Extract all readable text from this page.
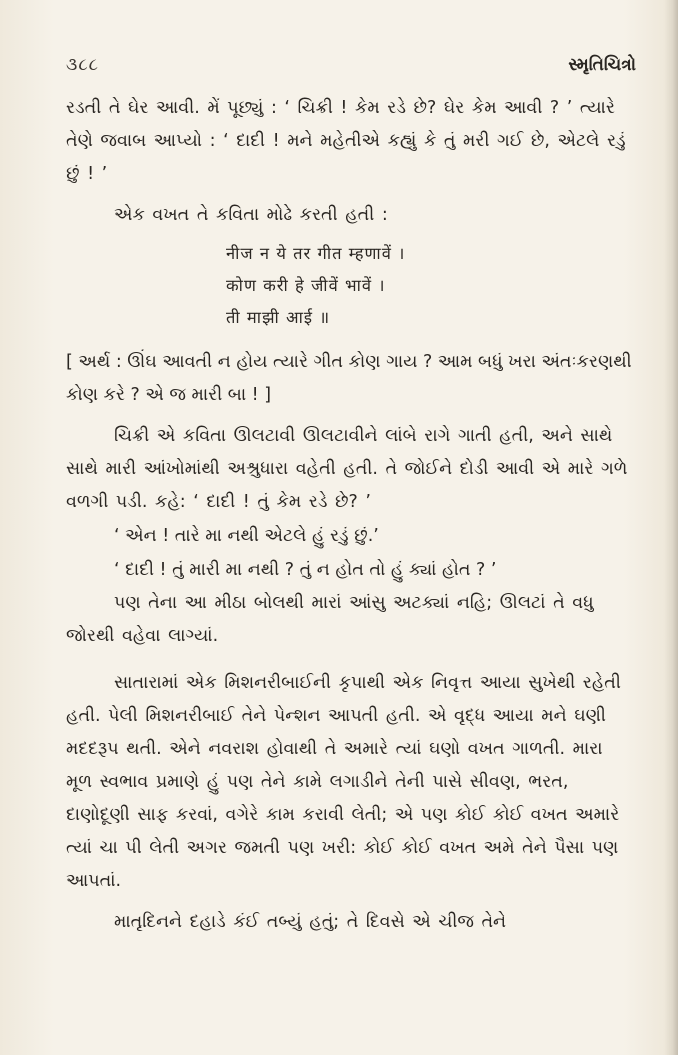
૩૮૮	સ્મૃતિચિત્રો

રડતી તે ઘેર આવી. મેં પૂછ્યું : ‘ ચિક્રી ! કેમ રડે છે? ઘેર કેમ આવી ? ’ ત્યારે તેણે જવાબ આપ્યો : ‘ દાદી ! મને મહેતીએ કહ્યું કે તું મરી ગઈ છે, એટલે રડું છું ! ’

એક વખત તે કવિતા મોઢે કરતી હતી :

नीज न ये तर गीत म्हणावें ।
कोण करी हे जीवें भावें ।
ती माझी आई ॥

[ અર્થ : ઊંઘ આવતી ન હોય ત્યારે ગીત કોણ ગાય ? આમ બધું ખરા અંતઃકરણથી કોણ કરે ? એ જ મારી બા ! ]

ચિક્રી એ કવિતા ઊલટાવી ઊલટાવીને લાંબે રાગે ગાતી હતી, અને સાથે સાથે મારી આંખોમાંથી અશ્રુધારા વહેતી હતી. તે જોઈને દોડી આવી એ મારે ગળે વળગી પડી. કહે: ‘ દાદી ! તું કેમ રડે છે? ’

‘ એન ! તારે મા નથી એટલે હું રડું છું.’

‘ દાદી ! તું મારી મા નથી ? તું ન હોત તો હું ક્યાં હોત ? ’

પણ તેના આ મીઠા બોલથી મારાં આંસુ અટક્યાં નહિ; ઊલટાં તે વધુ જોરથી વહેવા લાગ્યાં.

સાતારામાં એક મિશનરીબાઈની કૃપાથી એક નિવૃત્ત આયા સુખેથી રહેતી હતી. પેલી મિશનરીબાઈ તેને પેન્શન આપતી હતી. એ વૃદ્ધ આયા મને ઘણી મદદરૂપ થતી. એને નવરાશ હોવાથી તે અમારે ત્યાં ઘણો વખત ગાળતી. મારા મૂળ સ્વભાવ પ્રમાણે હું પણ તેને કામે લગાડીને તેની પાસે સીવણ, ભરત, દાણોદૂણી સાફ કરવાં, વગેરે કામ કરાવી લેતી; એ પણ કોઈ કોઈ વખત અમારે ત્યાં ચા પી લેતી અગર જમતી પણ ખરી: કોઈ કોઈ વખત અમે તેને પૈસા પણ આપતાં.

માતૃદિનને દહાડે કંઈ તબ્યું હતું; તે દિવસે એ ચીજ તેને
